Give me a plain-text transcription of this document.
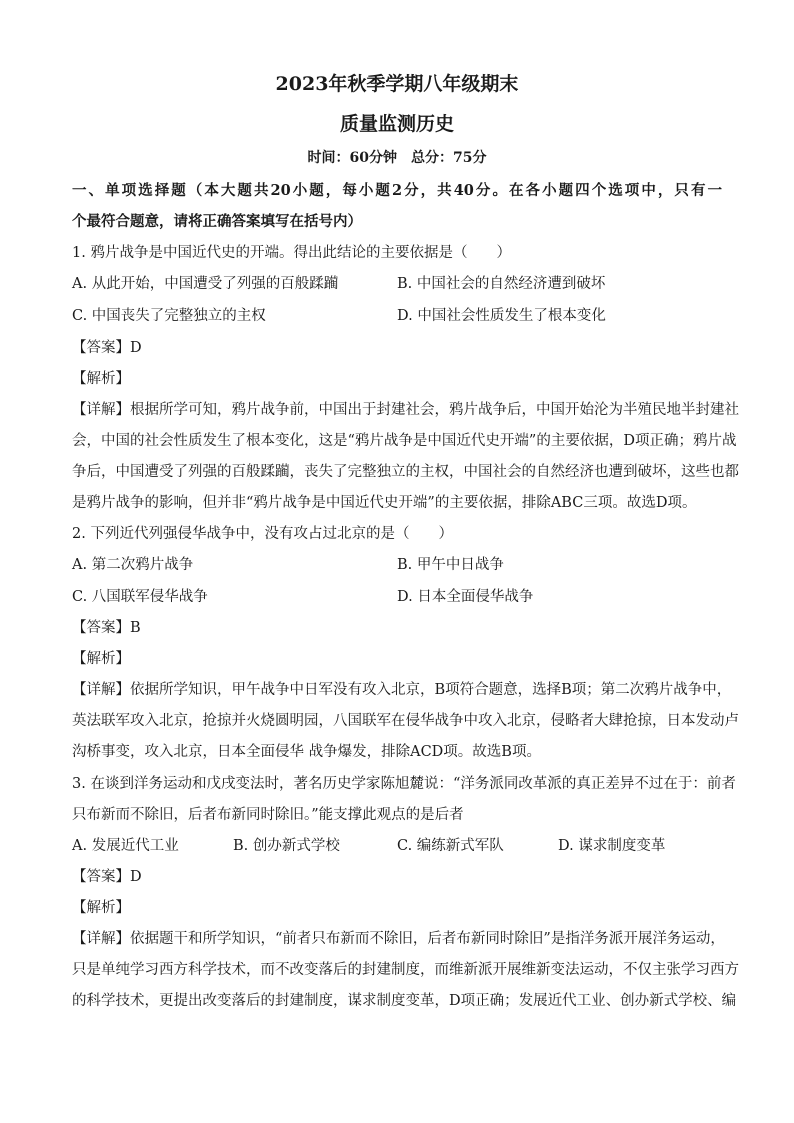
2023年秋季学期八年级期末
质量监测历史
时间：60分钟　总分：75分
一、单项选择题（本大题共20小题，每小题2分，共40分。在各小题四个选项中，只有一
个最符合题意，请将正确答案填写在括号内）
1. 鸦片战争是中国近代史的开端。得出此结论的主要依据是（　　）
A. 从此开始，中国遭受了列强的百般蹂躏	B. 中国社会的自然经济遭到破坏
C. 中国丧失了完整独立的主权	D. 中国社会性质发生了根本变化
【答案】D
【解析】
【详解】根据所学可知，鸦片战争前，中国出于封建社会，鸦片战争后，中国开始沦为半殖民地半封建社
会，中国的社会性质发生了根本变化，这是“鸦片战争是中国近代史开端”的主要依据，D项正确；鸦片战
争后，中国遭受了列强的百般蹂躏，丧失了完整独立的主权，中国社会的自然经济也遭到破坏，这些也都
是鸦片战争的影响，但并非“鸦片战争是中国近代史开端”的主要依据，排除ABC三项。故选D项。
2. 下列近代列强侵华战争中，没有攻占过北京的是（　　）
A. 第二次鸦片战争	B. 甲午中日战争
C. 八国联军侵华战争	D. 日本全面侵华战争
【答案】B
【解析】
【详解】依据所学知识，甲午战争中日军没有攻入北京，B项符合题意，选择B项；第二次鸦片战争中，
英法联军攻入北京，抢掠并火烧圆明园，八国联军在侵华战争中攻入北京，侵略者大肆抢掠，日本发动卢
沟桥事变，攻入北京，日本全面侵华 战争爆发，排除ACD项。故选B项。
3. 在谈到洋务运动和戊戌变法时，著名历史学家陈旭麓说：“洋务派同改革派的真正差异不过在于：前者
只布新而不除旧，后者布新同时除旧。”能支撑此观点的是后者
A. 发展近代工业	B. 创办新式学校	C. 编练新式军队	D. 谋求制度变革
【答案】D
【解析】
【详解】依据题干和所学知识，“前者只布新而不除旧，后者布新同时除旧”是指洋务派开展洋务运动，
只是单纯学习西方科学技术，而不改变落后的封建制度，而维新派开展维新变法运动，不仅主张学习西方
的科学技术，更提出改变落后的封建制度，谋求制度变革，D项正确；发展近代工业、创办新式学校、编
